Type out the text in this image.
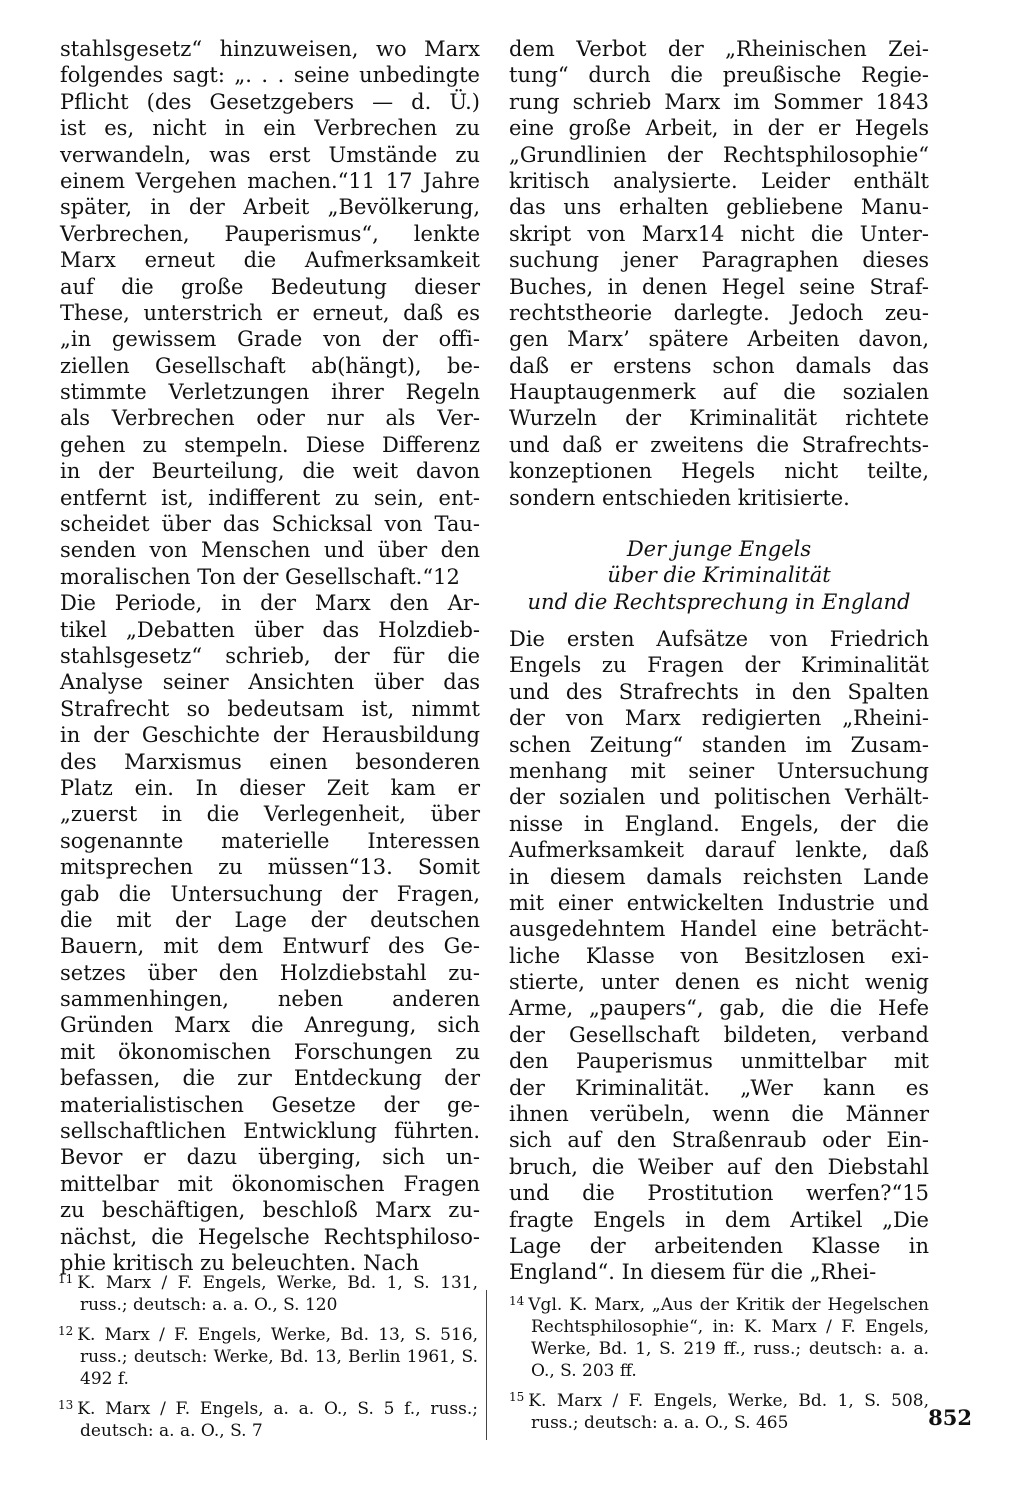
stahlsgesetz“ hinzuweisen, wo Marx
folgendes sagt: „. . . seine unbedingte
Pflicht (des Gesetzgebers — d. Ü.)
ist es, nicht in ein Verbrechen zu
verwandeln, was erst Umstände zu
einem Vergehen machen.“11 17 Jahre
später, in der Arbeit „Bevölkerung,
Verbrechen, Pauperismus“, lenkte
Marx erneut die Aufmerksamkeit
auf die große Bedeutung dieser
These, unterstrich er erneut, daß es
„in gewissem Grade von der offi-
ziellen Gesellschaft ab(hängt), be-
stimmte Verletzungen ihrer Regeln
als Verbrechen oder nur als Ver-
gehen zu stempeln. Diese Differenz
in der Beurteilung, die weit davon
entfernt ist, indifferent zu sein, ent-
scheidet über das Schicksal von Tau-
senden von Menschen und über den
moralischen Ton der Gesellschaft.“12
Die Periode, in der Marx den Ar-
tikel „Debatten über das Holzdieb-
stahlsgesetz“ schrieb, der für die
Analyse seiner Ansichten über das
Strafrecht so bedeutsam ist, nimmt
in der Geschichte der Herausbildung
des Marxismus einen besonderen
Platz ein. In dieser Zeit kam er
„zuerst in die Verlegenheit, über
sogenannte materielle Interessen
mitsprechen zu müssen“13. Somit
gab die Untersuchung der Fragen,
die mit der Lage der deutschen
Bauern, mit dem Entwurf des Ge-
setzes über den Holzdiebstahl zu-
sammenhingen, neben anderen
Gründen Marx die Anregung, sich
mit ökonomischen Forschungen zu
befassen, die zur Entdeckung der
materialistischen Gesetze der ge-
sellschaftlichen Entwicklung führten.
Bevor er dazu überging, sich un-
mittelbar mit ökonomischen Fragen
zu beschäftigen, beschloß Marx zu-
nächst, die Hegelsche Rechtsphiloso-
phie kritisch zu beleuchten. Nach
dem Verbot der „Rheinischen Zei-
tung“ durch die preußische Regie-
rung schrieb Marx im Sommer 1843
eine große Arbeit, in der er Hegels
„Grundlinien der Rechtsphilosophie“
kritisch analysierte. Leider enthält
das uns erhalten gebliebene Manu-
skript von Marx14 nicht die Unter-
suchung jener Paragraphen dieses
Buches, in denen Hegel seine Straf-
rechtstheorie darlegte. Jedoch zeu-
gen Marx’ spätere Arbeiten davon,
daß er erstens schon damals das
Hauptaugenmerk auf die sozialen
Wurzeln der Kriminalität richtete
und daß er zweitens die Strafrechts-
konzeptionen Hegels nicht teilte,
sondern entschieden kritisierte.
Der junge Engels
über die Kriminalität
und die Rechtsprechung in England
Die ersten Aufsätze von Friedrich
Engels zu Fragen der Kriminalität
und des Strafrechts in den Spalten
der von Marx redigierten „Rheini-
schen Zeitung“ standen im Zusam-
menhang mit seiner Untersuchung
der sozialen und politischen Verhält-
nisse in England. Engels, der die
Aufmerksamkeit darauf lenkte, daß
in diesem damals reichsten Lande
mit einer entwickelten Industrie und
ausgedehntem Handel eine beträcht-
liche Klasse von Besitzlosen exi-
stierte, unter denen es nicht wenig
Arme, „paupers“, gab, die die Hefe
der Gesellschaft bildeten, verband
den Pauperismus unmittelbar mit
der Kriminalität. „Wer kann es
ihnen verübeln, wenn die Männer
sich auf den Straßenraub oder Ein-
bruch, die Weiber auf den Diebstahl
und die Prostitution werfen?“15
fragte Engels in dem Artikel „Die
Lage der arbeitenden Klasse in
England“. In diesem für die „Rhei-

$^{11}$ K. Marx / F. Engels, Werke, Bd. 1, S. 131, russ.; deutsch: a. a. O., S. 120

$^{12}$ K. Marx / F. Engels, Werke, Bd. 13, S. 516, russ.; deutsch: Werke, Bd. 13, Berlin 1961, S. 492 f.

$^{13}$ K. Marx / F. Engels, a. a. O., S. 5 f., russ.; deutsch: a. a. O., S. 7

$^{14}$ Vgl. K. Marx, „Aus der Kritik der Hegelschen Rechtsphilosophie“, in: K. Marx / F. Engels, Werke, Bd. 1, S. 219 ff., russ.; deutsch: a. a. O., S. 203 ff.

$^{15}$ K. Marx / F. Engels, Werke, Bd. 1, S. 508, russ.; deutsch: a. a. O., S. 465	852
